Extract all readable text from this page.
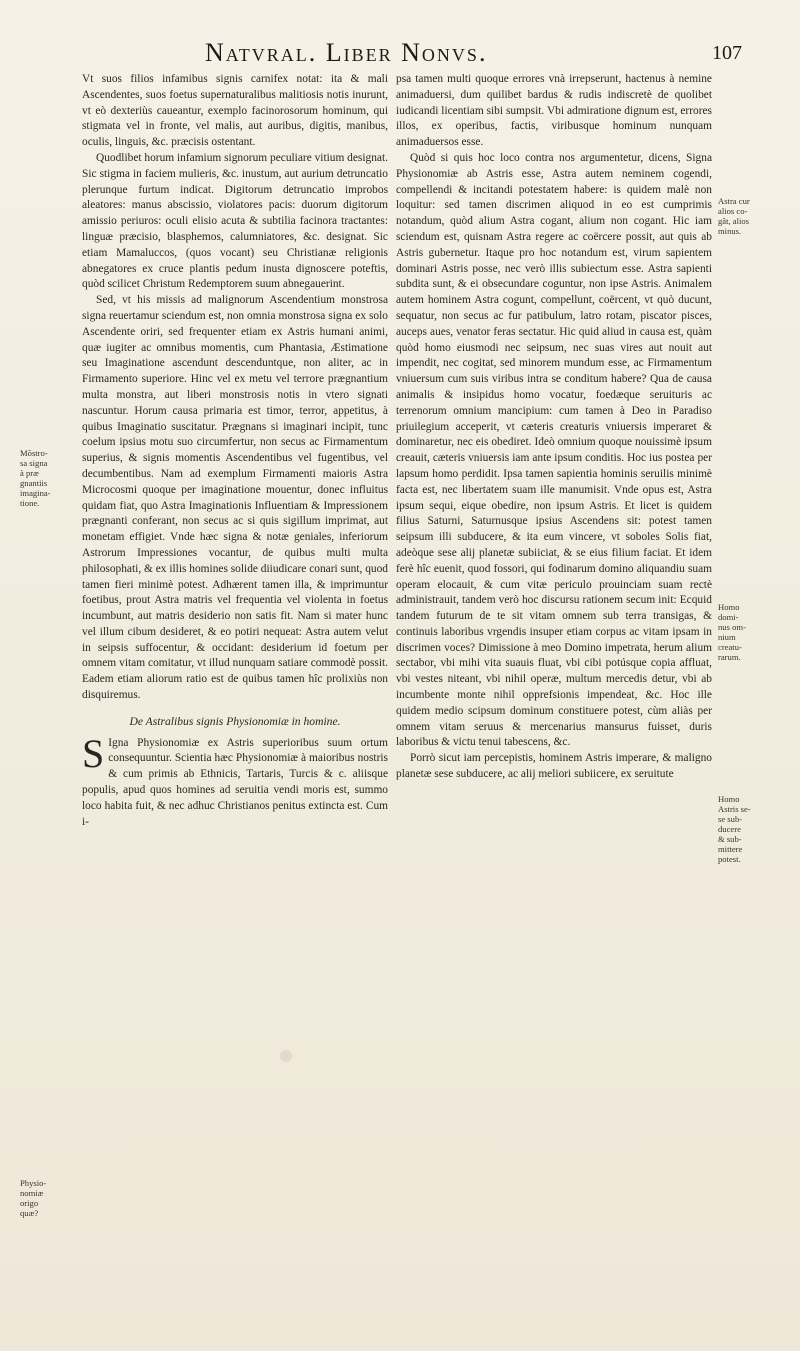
Natvral. Liber Nonvs.	107

Vt suos filios infamibus signis carnifex notat: ita & mali Ascendentes, suos foetus supernaturalibus malitiosis notis inurunt, vt eò dexteriùs caueantur, exemplo facinorosorum hominum, qui stigmata vel in fronte, vel malis, aut auribus, digitis, manibus, oculis, linguis, &c. præcisis ostentant.

Quodlibet horum infamium signorum peculiare vitium designat. Sic stigma in faciem mulieris, &c. inustum, aut aurium detruncatio plerunque furtum indicat. Digitorum detruncatio improbos aleatores: manus abscissio, violatores pacis: duorum digitorum amissio periuros: oculi elisio acuta & subtilia facinora tractantes: linguæ præcisio, blasphemos, calumniatores, &c. designat. Sic etiam Mamaluccos, (quos vocant) seu Christianæ religionis abnegatores ex cruce plantis pedum inusta dignoscere poteftis, quòd scilicet Christum Redemptorem suum abnegauerint.

Sed, vt his missis ad malignorum Ascendentium monstrosa signa reuertamur sciendum est, non omnia monstrosa signa ex solo Ascendente oriri, sed frequenter etiam ex Astris humani animi, quæ iugiter ac omnibus momentis, cum Phantasia, Æstimatione seu Imaginatione ascendunt descenduntque, non aliter, ac in Firmamento superiore. Hinc vel ex metu vel terrore prægnantium multa monstra, aut liberi monstrosis notis in vtero signati nascuntur. Horum causa primaria est timor, terror, appetitus, à quibus Imaginatio suscitatur. Prægnans si imaginari incipit, tunc coelum ipsius motu suo circumfertur, non secus ac Firmamentum superius, & signis momentis Ascendentibus vel fugentibus, vel decumbentibus. Nam ad exemplum Firmamenti maioris Astra Microcosmi quoque per imaginatione mouentur, donec influitus quidam fiat, quo Astra Imaginationis Influentiam & Impressionem prægnanti conferant, non secus ac si quis sigillum imprimat, aut monetam effigiet. Vnde hæc signa & notæ geniales, inferiorum Astrorum Impressiones vocantur, de quibus multi multa philosophati, & ex illis homines solide diiudicare conari sunt, quod tamen fieri minimè potest. Adhærent tamen illa, & imprimuntur foetibus, prout Astra matris vel frequentia vel violenta in foetus incumbunt, aut matris desiderio non satis fit. Nam si mater hunc vel illum cibum desideret, & eo potiri nequeat: Astra autem velut in seipsis suffocentur, & occidant: desiderium id foetum per omnem vitam comitatur, vt illud nunquam satiare commodè possit. Eadem etiam aliorum ratio est de quibus tamen hîc prolixiùs non disquiremus.

De Astralibus signis Physionomiæ in homine.

S Igna Physionomiæ ex Astris superioribus suum ortum consequuntur. Scientia hæc Physionomiæ à maioribus nostris & cum primis ab Ethnicis, Tartaris, Turcis & c. aliisque populis, apud quos homines ad seruitia vendi moris est, summo loco habita fuit, & nec adhuc Christianos penitus extincta est. Cum i-

psa tamen multi quoque errores vnà irrepserunt, hactenus à nemine animaduersi, dum quilibet bardus & rudis indiscretè de quolibet iudicandi licentiam sibi sumpsit. Vbi admiratione dignum est, errores illos, ex operibus, factis, viribusque hominum nunquam animaduersos esse.

Quòd si quis hoc loco contra nos argumentetur, dicens, Signa Physionomiæ ab Astris esse, Astra autem neminem cogendi, compellendi & incitandi potestatem habere: is quidem malè non loquitur: sed tamen discrimen aliquod in eo est cumprimis notandum, quòd alium Astra cogant, alium non cogant. Hic iam sciendum est, quisnam Astra regere ac coërcere possit, aut quis ab Astris gubernetur. Itaque pro hoc notandum est, virum sapientem dominari Astris posse, nec verò illis subiectum esse. Astra sapienti subdita sunt, & ei obsecundare coguntur, non ipse Astris. Animalem autem hominem Astra cogunt, compellunt, coërcent, vt quò ducunt, sequatur, non secus ac fur patibulum, latro rotam, piscator pisces, auceps aues, venator feras sectatur. Hic quid aliud in causa est, quàm quòd homo eiusmodi nec seipsum, nec suas vires aut nouit aut impendit, nec cogitat, sed minorem mundum esse, ac Firmamentum vniuersum cum suis viribus intra se conditum habere? Qua de causa animalis & insipidus homo vocatur, foedæque seruituris ac terrenorum omnium mancipium: cum tamen à Deo in Paradiso priuilegium acceperit, vt cæteris creaturis vniuersis imperaret & dominaretur, nec eis obediret. Ideò omnium quoque nouissimè ipsum creauit, cæteris vniuersis iam ante ipsum conditis. Hoc ius postea per lapsum homo perdidit. Ipsa tamen sapientia hominis seruilis minimè facta est, nec libertatem suam ille manumisit. Vnde opus est, Astra ipsum sequi, eique obedire, non ipsum Astris. Et licet is quidem filius Saturni, Saturnusque ipsius Ascendens sit: potest tamen seipsum illi subducere, & ita eum vincere, vt soboles Solis fiat, adeòque sese alij planetæ subiiciat, & se eius filium faciat. Et idem ferè hîc euenit, quod fossori, qui fodinarum domino aliquandiu suam operam elocauit, & cum vitæ periculo prouinciam suam rectè administrauit, tandem verò hoc discursu rationem secum init: Ecquid tandem futurum de te sit vitam omnem sub terra transigas, & continuis laboribus vrgendis insuper etiam corpus ac vitam ipsam in discrimen voces? Dimissione à meo Domino impetrata, herum alium sectabor, vbi mihi vita suauis fluat, vbi cibi potúsque copia affluat, vbi vestes niteant, vbi nihil operæ, multum mercedis detur, vbi ab incumbente monte nihil opprefsionis impendeat, &c. Hoc ille quidem medio scipsum dominum constituere potest, cùm aliàs per omnem vitam seruus & mercenarius mansurus fuisset, duris laboribus & victu tenui tabescens, &c.

Porrò sicut iam percepistis, hominem Astris imperare, & maligno planetæ sese subducere, ac alij meliori subiicere, ex seruitute

Mõstro-
sa signa
à præ
gnantiis
imagina-
tione.
Physio-
nomiæ
origo
quæ?
Astra cur
alios co-
gât, alios
minus.
Homo
domi-
nus om-
nium
creatu-
rarum.
Homo
Astris se-
se sub-
ducere
& sub-
mittere
potest.
